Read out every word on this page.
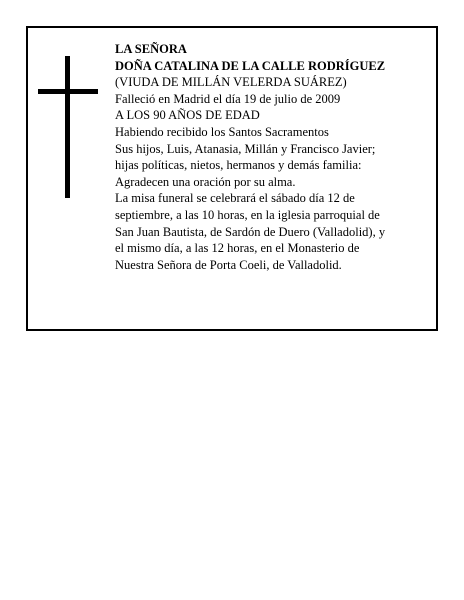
LA SEÑORA
DOÑA CATALINA DE LA CALLE RODRÍGUEZ
(VIUDA DE MILLÁN VELERDA SUÁREZ)
Falleció en Madrid el día 19 de julio de 2009
A LOS 90 AÑOS DE EDAD
Habiendo recibido los Santos Sacramentos
Sus hijos, Luis, Atanasia, Millán y Francisco Javier;
hijas políticas, nietos, hermanos y demás familia:
Agradecen una oración por su alma.
La misa funeral se celebrará el sábado día 12 de
septiembre, a las 10 horas, en la iglesia parroquial de
San Juan Bautista, de Sardón de Duero (Valladolid), y
el mismo día, a las 12 horas, en el Monasterio de
Nuestra Señora de Porta Coeli, de Valladolid.
